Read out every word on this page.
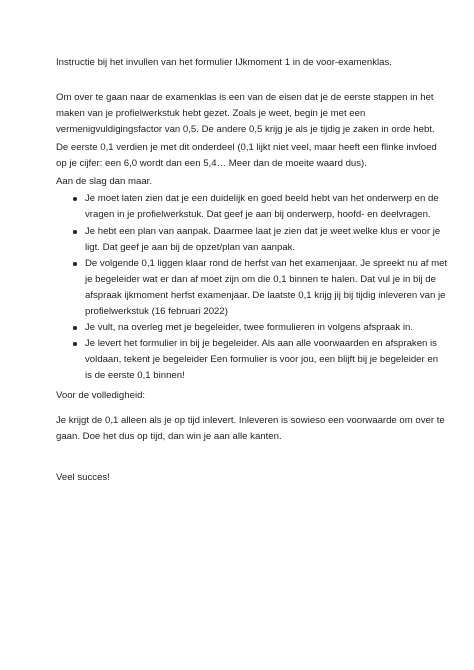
Instructie bij het invullen van het formulier IJkmoment 1 in de voor-examenklas.
Om over te gaan naar de examenklas is een van de eisen dat je de eerste stappen in het
maken van je profielwerkstuk hebt gezet. Zoals je weet, begin je met een
vermenigvuldigingsfactor van 0,5. De andere 0,5 krijg je als je tijdig je zaken in orde hebt.
De eerste 0,1 verdien je met dit onderdeel (0,1 lijkt niet veel, maar heeft een flinke invloed
op je cijfer: een 6,0 wordt dan een 5,4… Meer dan de moeite waard dus).
Aan de slag dan maar.
Je moet laten zien dat je een duidelijk en goed beeld hebt van het onderwerp en de
vragen in je profielwerkstuk. Dat geef je aan bij onderwerp, hoofd- en deelvragen.
Je hebt een plan van aanpak. Daarmee laat je zien dat je weet welke klus er voor je
ligt. Dat geef je aan bij de opzet/plan van aanpak.
De volgende 0,1 liggen klaar rond de herfst van het examenjaar. Je spreekt nu af met
je begeleider wat er dan af moet zijn om die 0,1 binnen te halen. Dat vul je in bij de
afspraak ijkmoment herfst examenjaar. De laatste 0,1 krijg jij bij tijdig inleveren van je
profielwerkstuk (16 februari 2022)
Je vult, na overleg met je begeleider, twee formulieren in volgens afspraak in.
Je levert het formulier in bij je begeleider. Als aan alle voorwaarden en afspraken is
voldaan, tekent je begeleider Een formulier is voor jou, een blijft bij je begeleider en
is de eerste 0,1 binnen!
Voor de volledigheid:
Je krijgt de 0,1 alleen als je op tijd inlevert. Inleveren is sowieso een voorwaarde om over te
gaan. Doe het dus op tijd, dan win je aan alle kanten.
Veel succes!
